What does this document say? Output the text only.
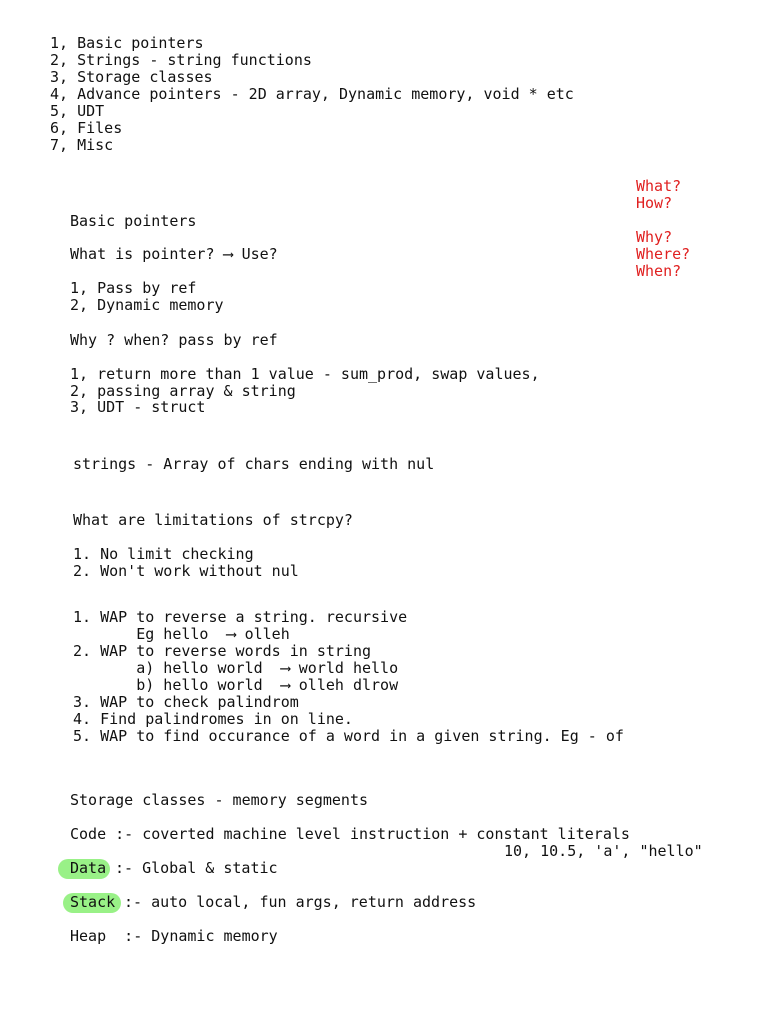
1, Basic pointers
2, Strings - string functions
3, Storage classes
4, Advance pointers - 2D array, Dynamic memory, void * etc
5, UDT
6, Files
7, Misc
What?
How?
Why?
Where?
When?
Basic pointers
What is pointer? ⟶ Use?
1, Pass by ref
2, Dynamic memory
Why ? when? pass by ref
1, return more than 1 value - sum_prod, swap values,
2, passing array & string
3, UDT - struct
strings - Array of chars ending with nul
What are limitations of strcpy?
1. No limit checking
2. Won't work without nul
1. WAP to reverse a string. recursive
Eg hello  ⟶ olleh
2. WAP to reverse words in string
a) hello world  ⟶ world hello
b) hello world  ⟶ olleh dlrow
3. WAP to check palindrom
4. Find palindromes in on line.
5. WAP to find occurance of a word in a given string. Eg - of
Storage classes - memory segments
Code :- coverted machine level instruction + constant literals
10, 10.5, 'a', "hello"
Data :- Global & static
Stack :- auto local, fun args, return address
Heap  :- Dynamic memory
